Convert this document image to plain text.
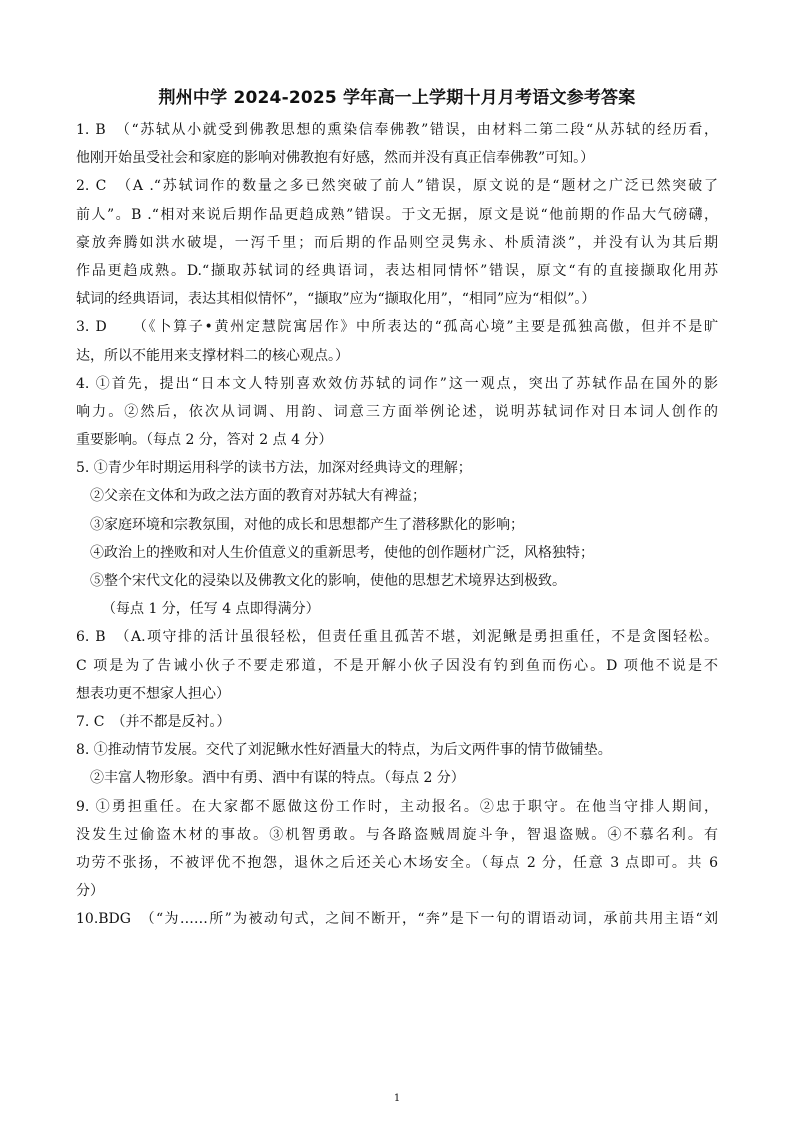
荆州中学 2024-2025 学年高一上学期十月月考语文参考答案
1. B　（“苏轼从小就受到佛教思想的熏染信奉佛教”错误，由材料二第二段“从苏轼的经历看，
他刚开始虽受社会和家庭的影响对佛教抱有好感，然而并没有真正信奉佛教”可知。）
2. C　（A .“苏轼词作的数量之多已然突破了前人”错误，原文说的是“题材之广泛已然突破了
前人”。B .“相对来说后期作品更趋成熟”错误。于文无据，原文是说“他前期的作品大气磅礴，
豪放奔腾如洪水破堤，一泻千里；而后期的作品则空灵隽永、朴质清淡”，并没有认为其后期
作品更趋成熟。D.“撷取苏轼词的经典语词，表达相同情怀”错误，原文“有的直接撷取化用苏
轼词的经典语词，表达其相似情怀”，“撷取”应为“撷取化用”，“相同”应为“相似”。）
3. D　　（《卜算子•黄州定慧院寓居作》中所表达的“孤高心境”主要是孤独高傲，但并不是旷
达，所以不能用来支撑材料二的核心观点。）
4. ①首先，提出“日本文人特别喜欢效仿苏轼的词作”这一观点，突出了苏轼作品在国外的影
响力。②然后，依次从词调、用韵、词意三方面举例论述，说明苏轼词作对日本词人创作的
重要影响。（每点 2 分，答对 2 点 4 分）
5. ①青少年时期运用科学的读书方法，加深对经典诗文的理解；
②父亲在文体和为政之法方面的教育对苏轼大有裨益；
③家庭环境和宗教氛围，对他的成长和思想都产生了潜移默化的影响；
④政治上的挫败和对人生价值意义的重新思考，使他的创作题材广泛，风格独特；
⑤整个宋代文化的浸染以及佛教文化的影响，使他的思想艺术境界达到极致。
（每点 1 分，任写 4 点即得满分）
6. B　（A.项守排的活计虽很轻松，但责任重且孤苦不堪，刘泥鳅是勇担重任，不是贪图轻松。
C 项是为了告诫小伙子不要走邪道，不是开解小伙子因没有钓到鱼而伤心。D 项他不说是不
想表功更不想家人担心）
7. C　（并不都是反衬。）
8. ①推动情节发展。交代了刘泥鳅水性好酒量大的特点，为后文两件事的情节做铺垫。
②丰富人物形象。酒中有勇、酒中有谋的特点。（每点 2 分）
9. ①勇担重任。在大家都不愿做这份工作时，主动报名。②忠于职守。在他当守排人期间，
没发生过偷盗木材的事故。③机智勇敢。与各路盗贼周旋斗争，智退盗贼。④不慕名利。有
功劳不张扬，不被评优不抱怨，退休之后还关心木场安全。（每点 2 分，任意 3 点即可。共 6
分）
10.BDG　（“为……所”为被动句式，之间不断开，“奔”是下一句的谓语动词，承前共用主语“刘
1
